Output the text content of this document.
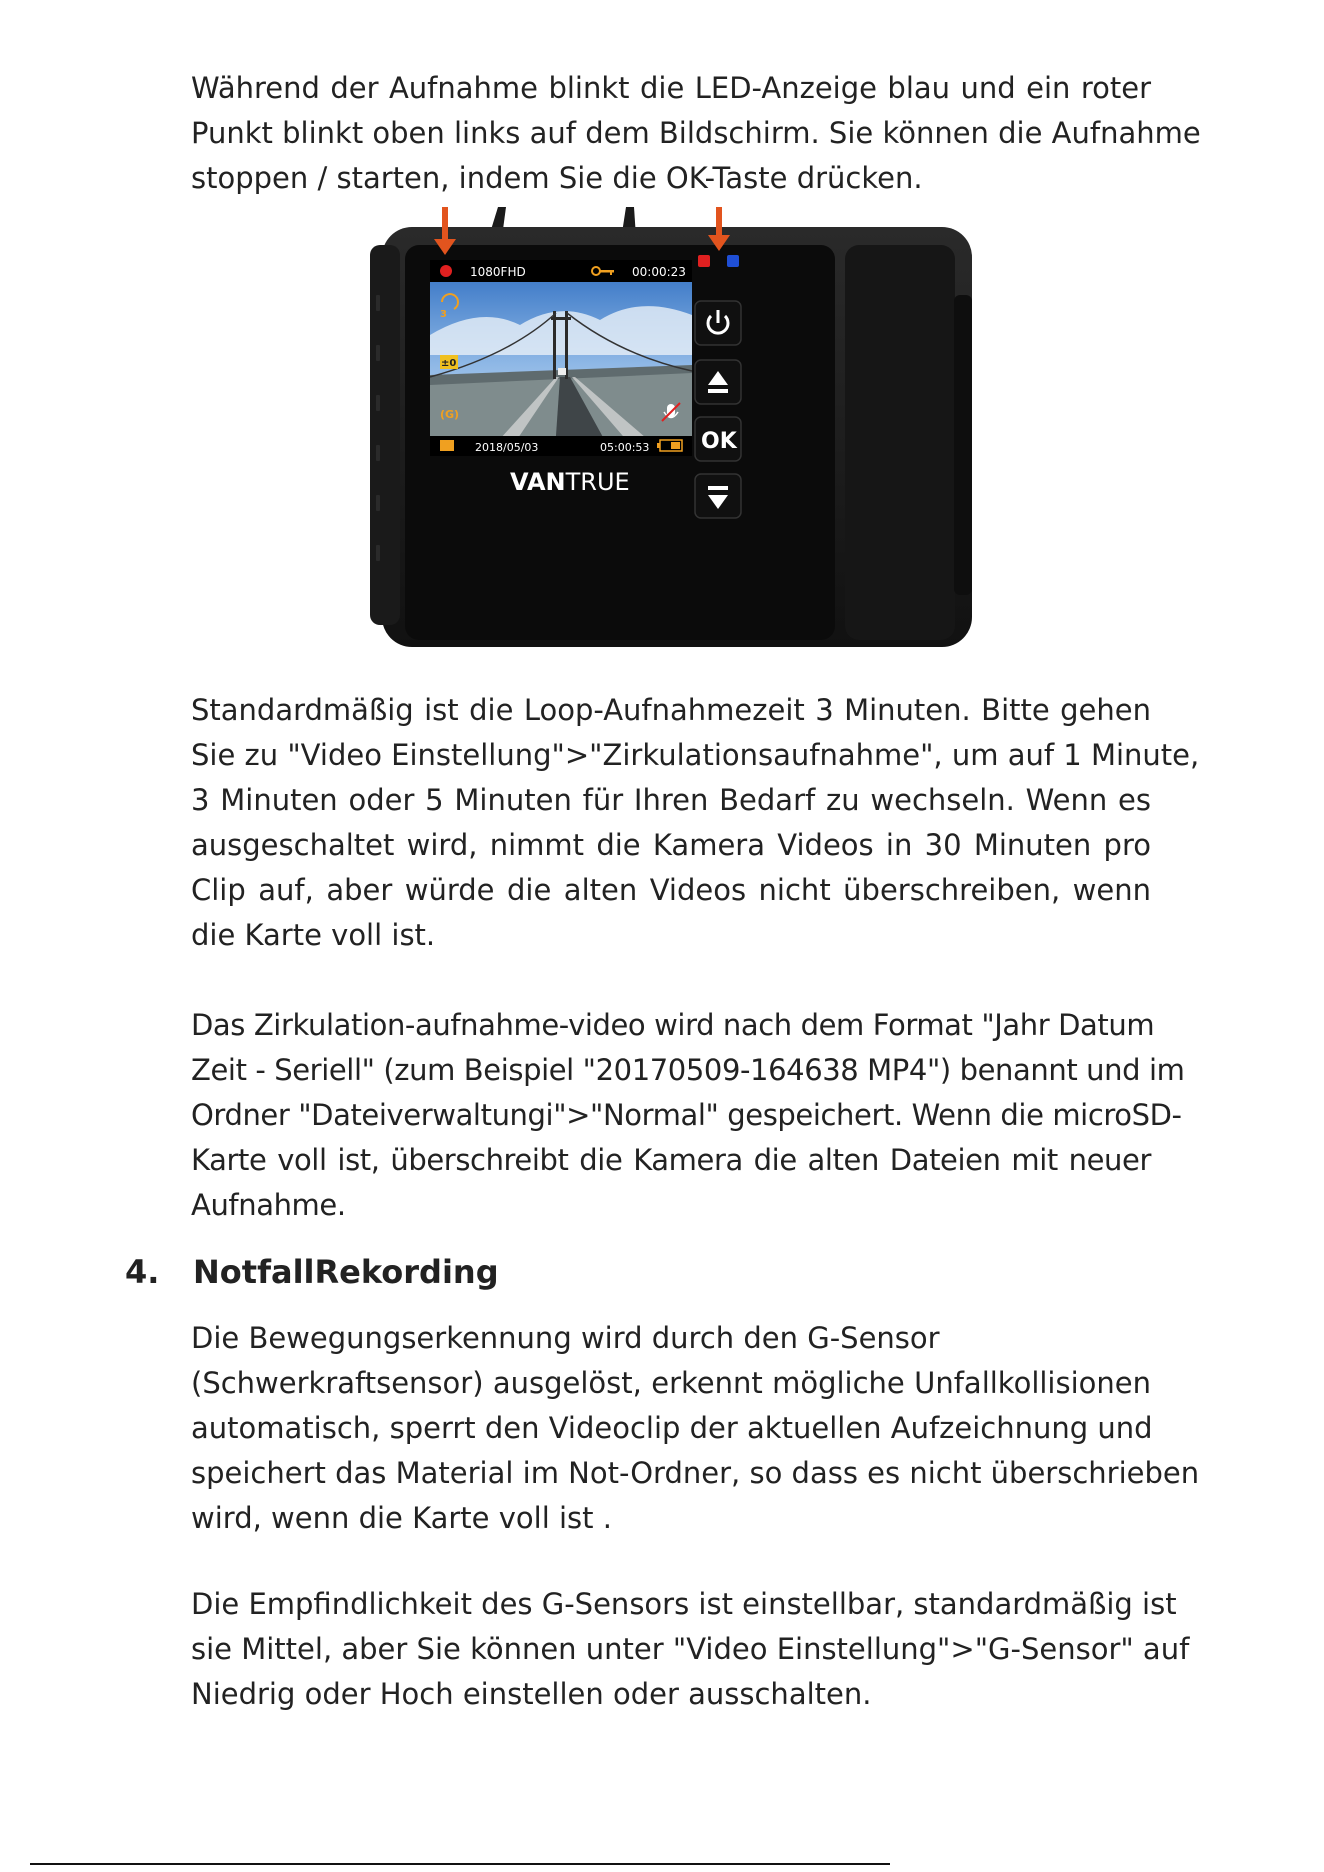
Während der Aufnahme blinkt die LED-Anzeige blau und ein roter
Punkt blinkt oben links auf dem Bildschirm. Sie können die Aufnahme
stoppen / starten, indem Sie die OK-Taste drücken.
1080FHD	00:00:23
3
±0
(G)
2018/05/03	05:00:53
VANTRUE
OK
Standardmäßig ist die Loop-Aufnahmezeit 3 Minuten. Bitte gehen
Sie zu "Video Einstellung">"Zirkulationsaufnahme", um auf 1 Minute,
3 Minuten oder 5 Minuten für Ihren Bedarf zu wechseln. Wenn es
ausgeschaltet wird, nimmt die Kamera Videos in 30 Minuten pro
Clip auf, aber würde die alten Videos nicht überschreiben, wenn
die Karte voll ist.
Das Zirkulation-aufnahme-video wird nach dem Format "Jahr Datum
Zeit - Seriell" (zum Beispiel "20170509-164638 MP4") benannt und im
Ordner "Dateiverwaltungi">"Normal" gespeichert. Wenn die microSD-
Karte voll ist, überschreibt die Kamera die alten Dateien mit neuer
Aufnahme.
4. NotfallRekording
Die Bewegungserkennung wird durch den G-Sensor
(Schwerkraftsensor) ausgelöst, erkennt mögliche Unfallkollisionen
automatisch, sperrt den Videoclip der aktuellen Aufzeichnung und
speichert das Material im Not-Ordner, so dass es nicht überschrieben
wird, wenn die Karte voll ist .
Die Empfindlichkeit des G-Sensors ist einstellbar, standardmäßig ist
sie Mittel, aber Sie können unter "Video Einstellung">"G-Sensor" auf
Niedrig oder Hoch einstellen oder ausschalten.
